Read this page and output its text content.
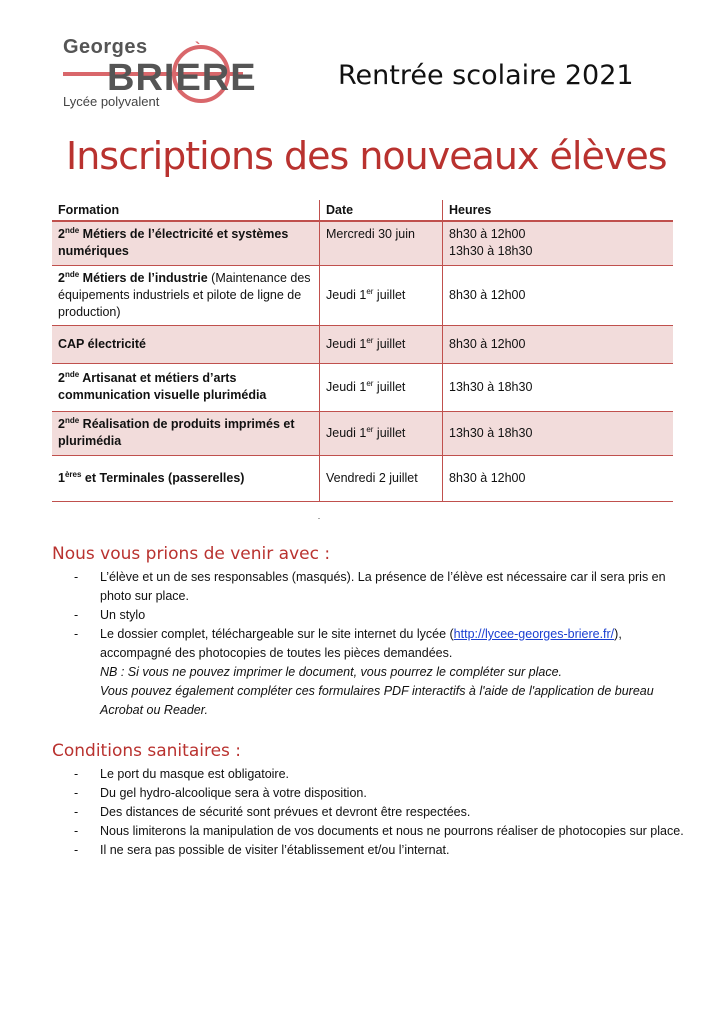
Georges	`
BRIERE
Lycée polyvalent
Rentrée scolaire 2021
Inscriptions des nouveaux élèves
Formation	Date	Heures
2nde Métiers de l’électricité et systèmes numériques	Mercredi 30 juin	8h30 à 12h00
13h30 à 18h30

2nde Métiers de l’industrie (Maintenance des équipements industriels et pilote de ligne de production)	Jeudi 1er juillet	8h30 à 12h00

CAP électricité	Jeudi 1er juillet	8h30 à 12h00

2nde Artisanat et métiers d’arts communication visuelle plurimédia	Jeudi 1er juillet	13h30 à 18h30

2nde Réalisation de produits imprimés et plurimédia	Jeudi 1er juillet	13h30 à 18h30

1ères et Terminales (passerelles)	Vendredi 2 juillet	8h30 à 12h00
Nous vous prions de venir avec :
- L’élève et un de ses responsables (masqués). La présence de l’élève est nécessaire car il sera pris en photo sur place.
- Un stylo
- Le dossier complet, téléchargeable sur le site internet du lycée (http://lycee-georges-briere.fr/), accompagné des photocopies de toutes les pièces demandées.
NB : Si vous ne pouvez imprimer le document, vous pourrez le compléter sur place.
Vous pouvez également compléter ces formulaires PDF interactifs à l'aide de l'application de bureau Acrobat ou Reader.
Conditions sanitaires :
- Le port du masque est obligatoire.
- Du gel hydro-alcoolique sera à votre disposition.
- Des distances de sécurité sont prévues et devront être respectées.
- Nous limiterons la manipulation de vos documents et nous ne pourrons réaliser de photocopies sur place.
- Il ne sera pas possible de visiter l’établissement et/ou l’internat.
